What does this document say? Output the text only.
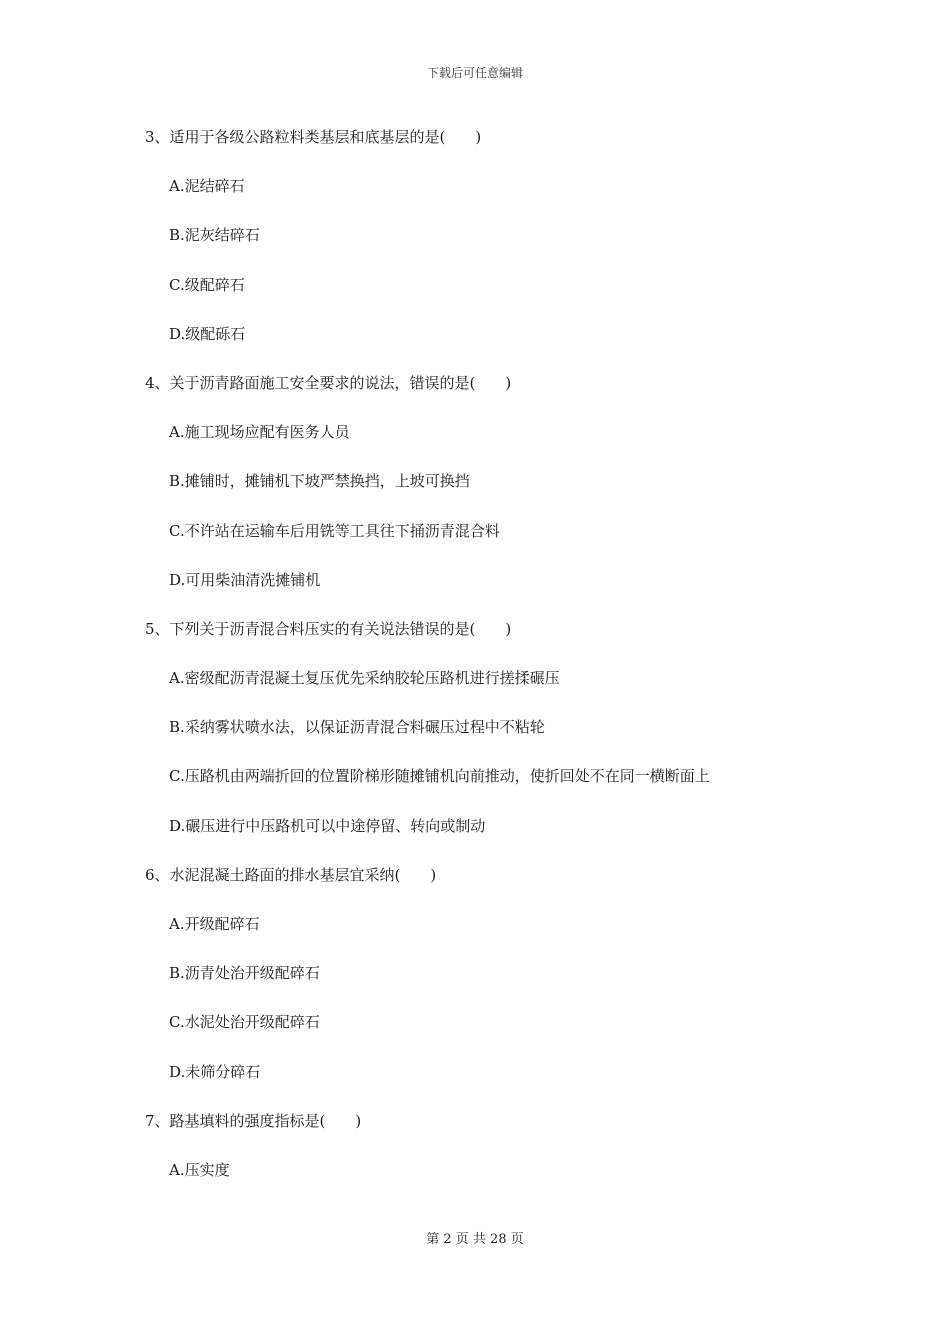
下载后可任意编辑
3、适用于各级公路粒料类基层和底基层的是(　　)
A.泥结碎石
B.泥灰结碎石
C.级配碎石
D.级配砾石
4、关于沥青路面施工安全要求的说法，错误的是(　　)
A.施工现场应配有医务人员
B.摊铺时，摊铺机下坡严禁换挡，上坡可换挡
C.不许站在运输车后用铣等工具往下捅沥青混合料
D.可用柴油清洗摊铺机
5、下列关于沥青混合料压实的有关说法错误的是(　　)
A.密级配沥青混凝土复压优先采纳胶轮压路机进行搓揉碾压
B.采纳雾状喷水法，以保证沥青混合料碾压过程中不粘轮
C.压路机由两端折回的位置阶梯形随摊铺机向前推动，使折回处不在同一横断面上
D.碾压进行中压路机可以中途停留、转向或制动
6、水泥混凝土路面的排水基层宜采纳(　　)
A.开级配碎石
B.沥青处治开级配碎石
C.水泥处治开级配碎石
D.未筛分碎石
7、路基填料的强度指标是(　　)
A.压实度
第 2 页 共 28 页
